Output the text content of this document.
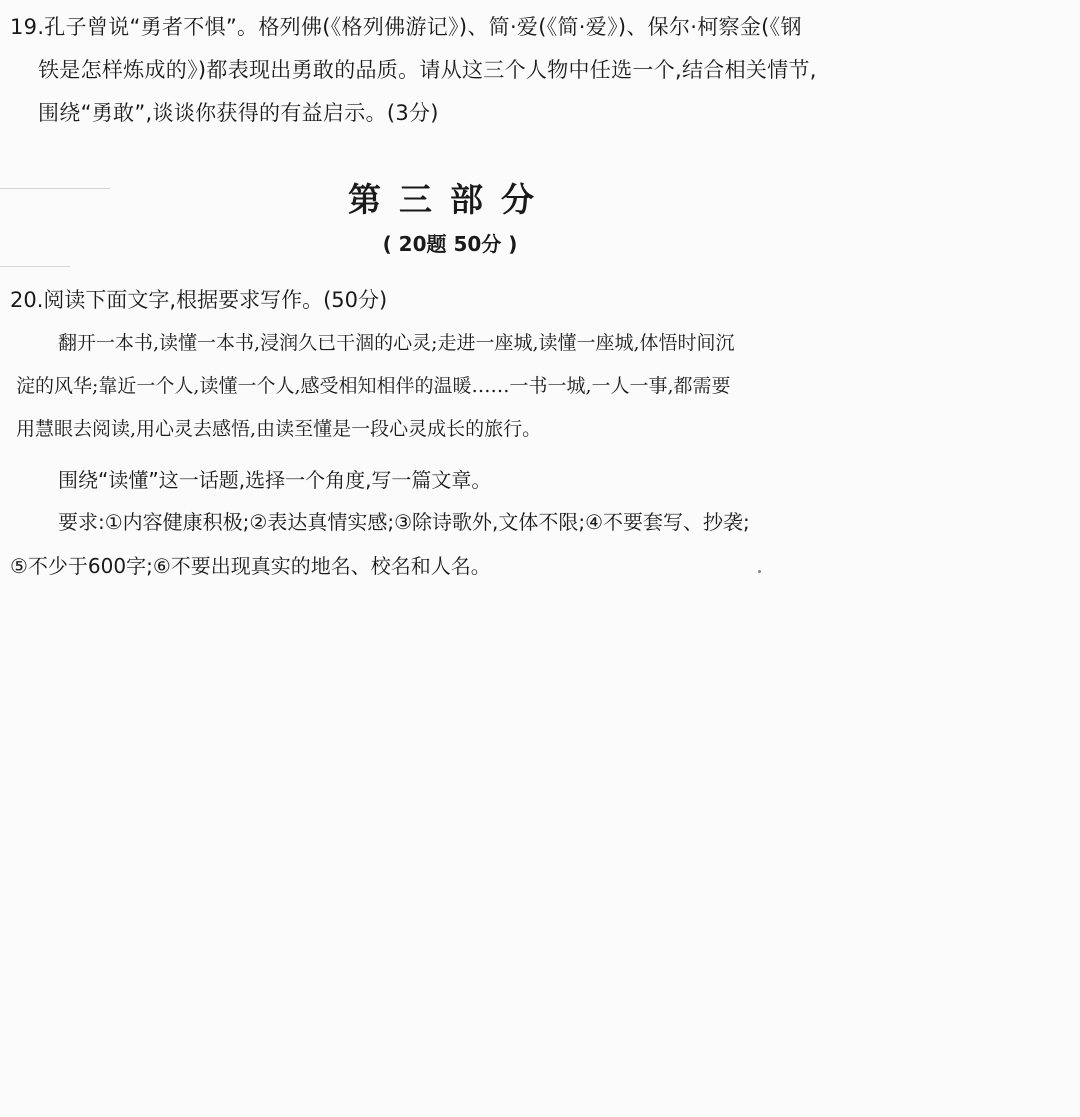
19.孔子曾说“勇者不惧”。格列佛(《格列佛游记》)、简·爱(《简·爱》)、保尔·柯察金(《钢
铁是怎样炼成的》)都表现出勇敢的品质。请从这三个人物中任选一个,结合相关情节,
围绕“勇敢”,谈谈你获得的有益启示。(3分)
第三部分
( 20题 50分 )
20.阅读下面文字,根据要求写作。(50分)
翻开一本书,读懂一本书,浸润久已干涸的心灵;走进一座城,读懂一座城,体悟时间沉
淀的风华;靠近一个人,读懂一个人,感受相知相伴的温暖……一书一城,一人一事,都需要
用慧眼去阅读,用心灵去感悟,由读至懂是一段心灵成长的旅行。
围绕“读懂”这一话题,选择一个角度,写一篇文章。
要求:①内容健康积极;②表达真情实感;③除诗歌外,文体不限;④不要套写、抄袭;
⑤不少于600字;⑥不要出现真实的地名、校名和人名。
